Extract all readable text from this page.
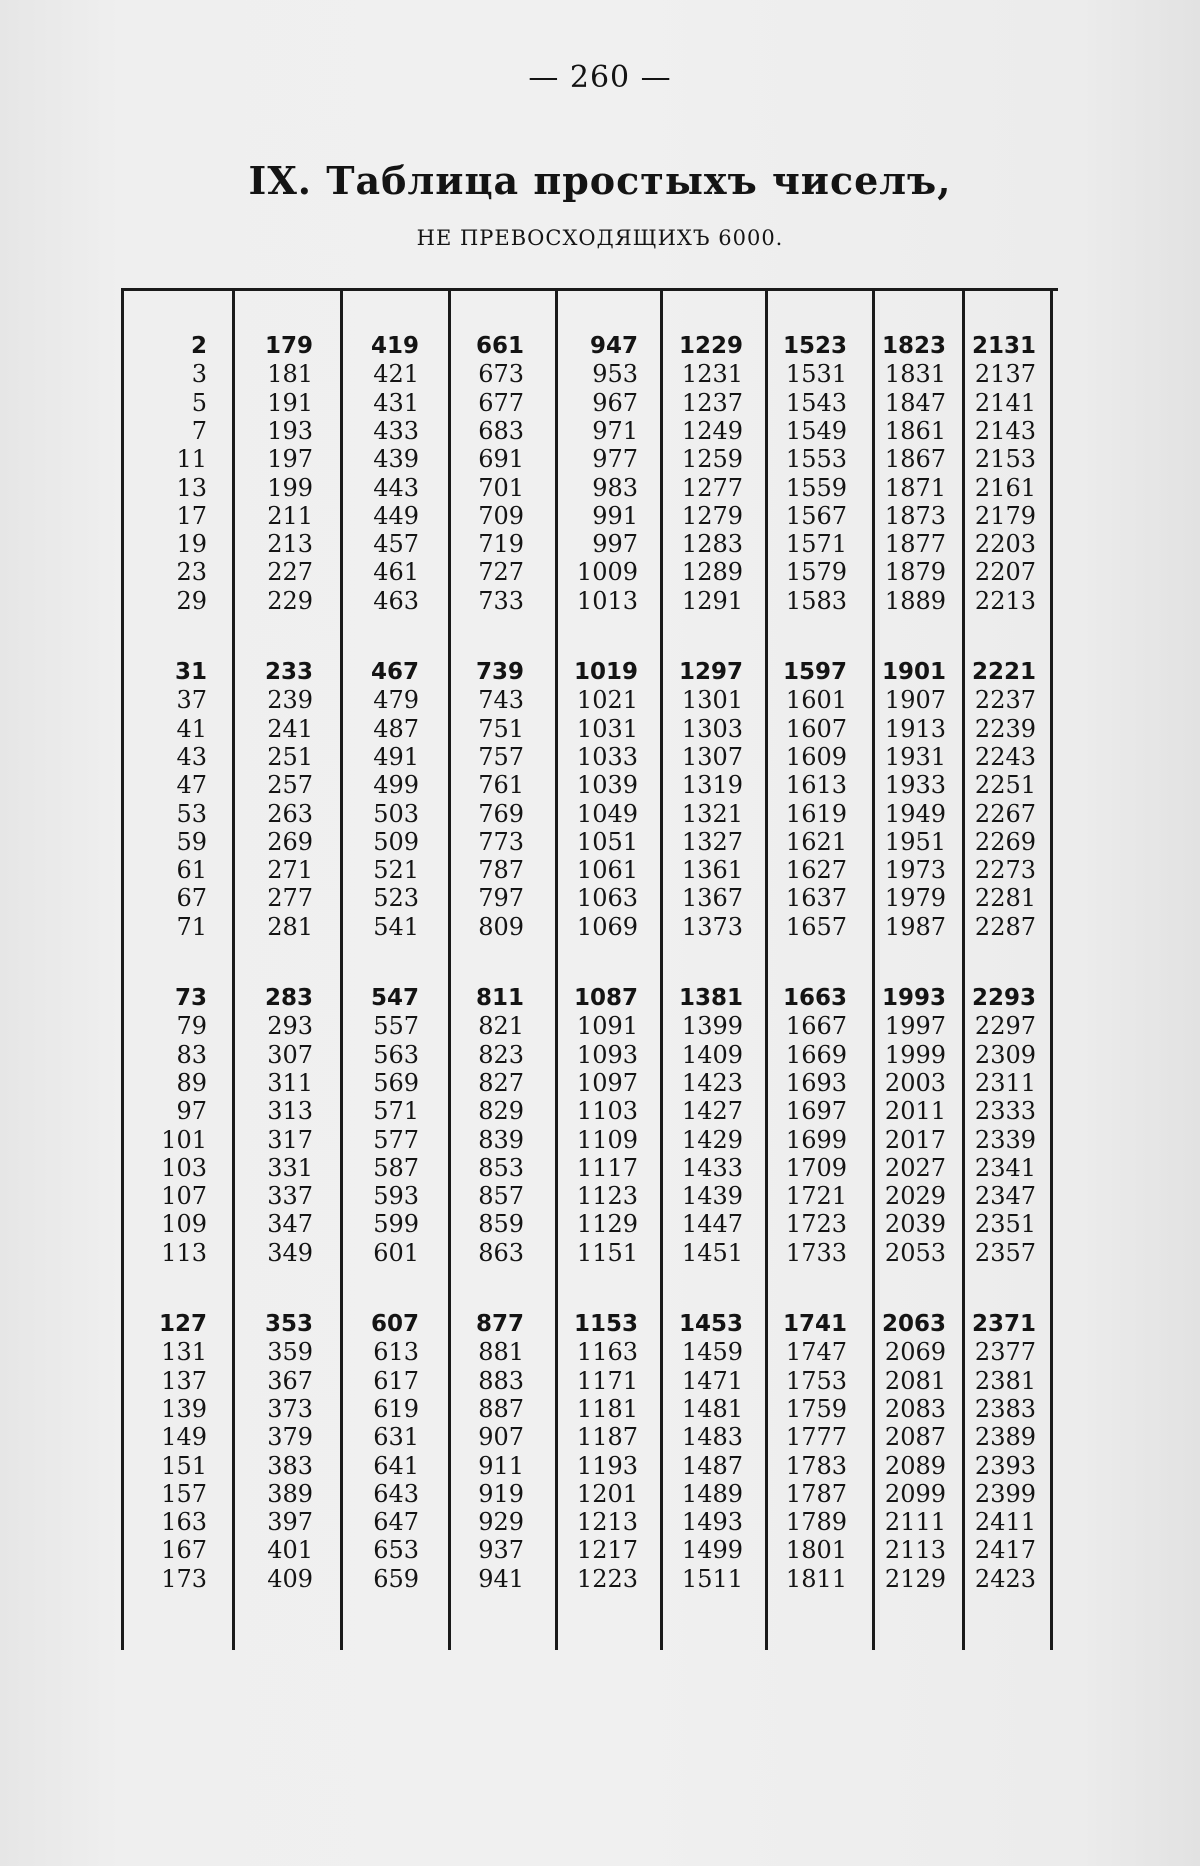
— 260 —
IX. Таблица простыхъ чиселъ,
НЕ ПРЕВОСХОДЯЩИХЪ 6000.
2
3
5
7
11
13
17
19
23
29
31
37
41
43
47
53
59
61
67
71
73
79
83
89
97
101
103
107
109
113
127
131
137
139
149
151
157
163
167
173
179
181
191
193
197
199
211
213
227
229
233
239
241
251
257
263
269
271
277
281
283
293
307
311
313
317
331
337
347
349
353
359
367
373
379
383
389
397
401
409
419
421
431
433
439
443
449
457
461
463
467
479
487
491
499
503
509
521
523
541
547
557
563
569
571
577
587
593
599
601
607
613
617
619
631
641
643
647
653
659
661
673
677
683
691
701
709
719
727
733
739
743
751
757
761
769
773
787
797
809
811
821
823
827
829
839
853
857
859
863
877
881
883
887
907
911
919
929
937
941
947
953
967
971
977
983
991
997
1009
1013
1019
1021
1031
1033
1039
1049
1051
1061
1063
1069
1087
1091
1093
1097
1103
1109
1117
1123
1129
1151
1153
1163
1171
1181
1187
1193
1201
1213
1217
1223
1229
1231
1237
1249
1259
1277
1279
1283
1289
1291
1297
1301
1303
1307
1319
1321
1327
1361
1367
1373
1381
1399
1409
1423
1427
1429
1433
1439
1447
1451
1453
1459
1471
1481
1483
1487
1489
1493
1499
1511
1523
1531
1543
1549
1553
1559
1567
1571
1579
1583
1597
1601
1607
1609
1613
1619
1621
1627
1637
1657
1663
1667
1669
1693
1697
1699
1709
1721
1723
1733
1741
1747
1753
1759
1777
1783
1787
1789
1801
1811
1823
1831
1847
1861
1867
1871
1873
1877
1879
1889
1901
1907
1913
1931
1933
1949
1951
1973
1979
1987
1993
1997
1999
2003
2011
2017
2027
2029
2039
2053
2063
2069
2081
2083
2087
2089
2099
2111
2113
2129
2131
2137
2141
2143
2153
2161
2179
2203
2207
2213
2221
2237
2239
2243
2251
2267
2269
2273
2281
2287
2293
2297
2309
2311
2333
2339
2341
2347
2351
2357
2371
2377
2381
2383
2389
2393
2399
2411
2417
2423
